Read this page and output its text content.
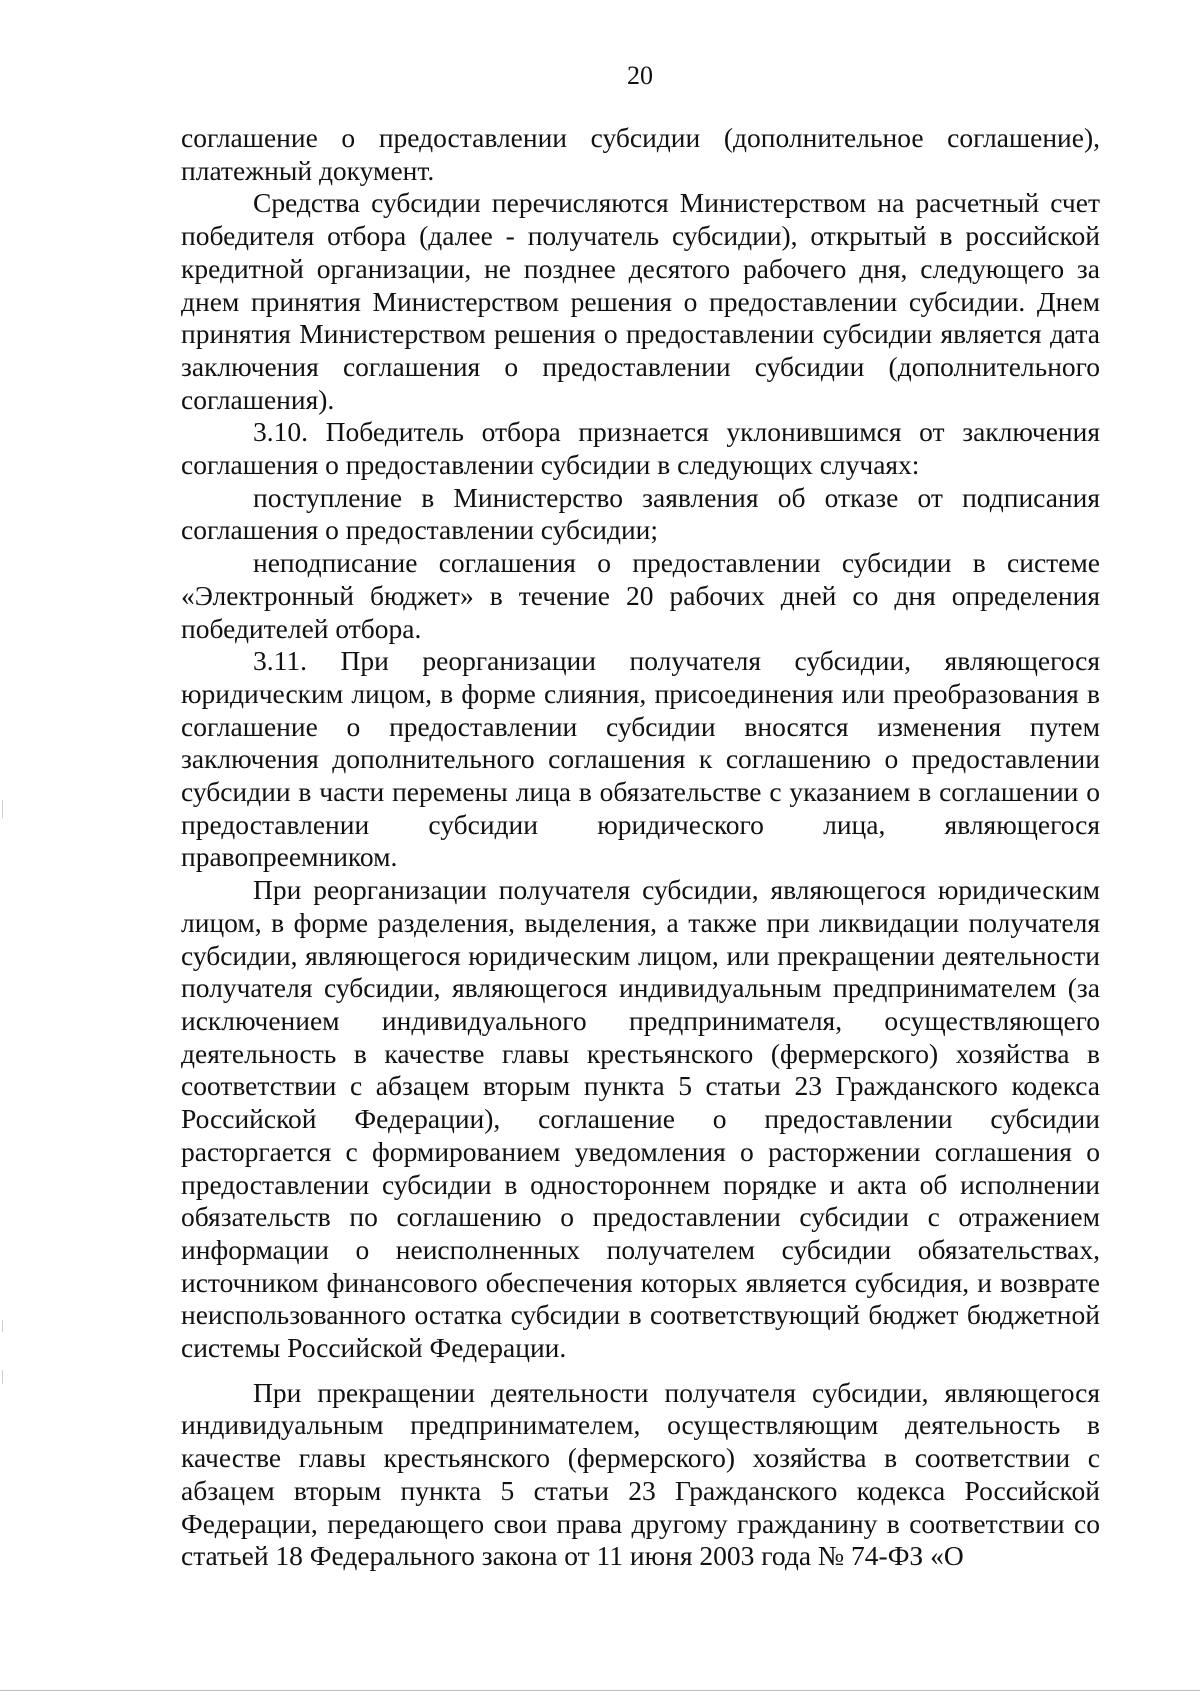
20

соглашение о предоставлении субсидии (дополнительное соглашение), платежный документ.

Средства субсидии перечисляются Министерством на расчетный счет победителя отбора (далее - получатель субсидии), открытый в российской кредитной организации, не позднее десятого рабочего дня, следующего за днем принятия Министерством решения о предоставлении субсидии. Днем принятия Министерством решения о предоставлении субсидии является дата заключения соглашения о предоставлении субсидии (дополнительного соглашения).

3.10. Победитель отбора признается уклонившимся от заключения соглашения о предоставлении субсидии в следующих случаях:

поступление в Министерство заявления об отказе от подписания соглашения о предоставлении субсидии;

неподписание соглашения о предоставлении субсидии в системе «Электронный бюджет» в течение 20 рабочих дней со дня определения победителей отбора.

3.11. При реорганизации получателя субсидии, являющегося юридическим лицом, в форме слияния, присоединения или преобразования в соглашение о предоставлении субсидии вносятся изменения путем заключения дополнительного соглашения к соглашению о предоставлении субсидии в части перемены лица в обязательстве с указанием в соглашении о предоставлении субсидии юридического лица, являющегося правопреемником.

При реорганизации получателя субсидии, являющегося юридическим лицом, в форме разделения, выделения, а также при ликвидации получателя субсидии, являющегося юридическим лицом, или прекращении деятельности получателя субсидии, являющегося индивидуальным предпринимателем (за исключением индивидуального предпринимателя, осуществляющего деятельность в качестве главы крестьянского (фермерского) хозяйства в соответствии с абзацем вторым пункта 5 статьи 23 Гражданского кодекса Российской Федерации), соглашение о предоставлении субсидии расторгается с формированием уведомления о расторжении соглашения о предоставлении субсидии в одностороннем порядке и акта об исполнении обязательств по соглашению о предоставлении субсидии с отражением информации о неисполненных получателем субсидии обязательствах, источником финансового обеспечения которых является субсидия, и возврате неиспользованного остатка субсидии в соответствующий бюджет бюджетной системы Российской Федерации.

При прекращении деятельности получателя субсидии, являющегося индивидуальным предпринимателем, осуществляющим деятельность в качестве главы крестьянского (фермерского) хозяйства в соответствии с абзацем вторым пункта 5 статьи 23 Гражданского кодекса Российской Федерации, передающего свои права другому гражданину в соответствии со статьей 18 Федерального закона от 11 июня 2003 года № 74-ФЗ «О
